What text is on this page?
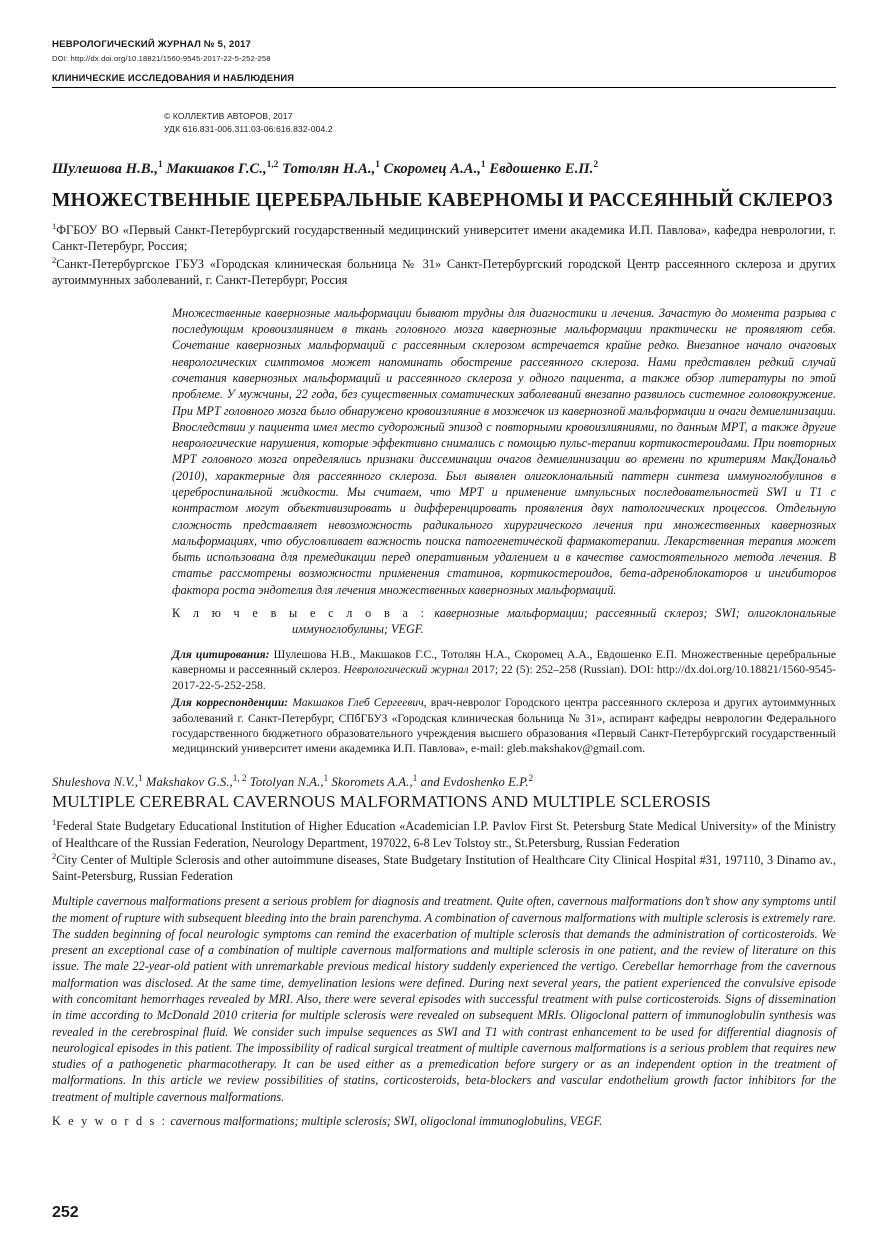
НЕВРОЛОГИЧЕСКИЙ ЖУРНАЛ № 5, 2017
DOI: http://dx.doi.org/10.18821/1560-9545-2017-22-5-252-258
КЛИНИЧЕСКИЕ ИССЛЕДОВАНИЯ И НАБЛЮДЕНИЯ
© КОЛЛЕКТИВ АВТОРОВ, 2017
УДК 616.831-006.311.03-06:616.832-004.2
Шулешова Н.В.,$^1$ Макшаков Г.С.,$^{1,2}$ Тотолян Н.А.,$^1$ Скоромец А.А.,$^1$ Евдошенко Е.П.$^2$
МНОЖЕСТВЕННЫЕ ЦЕРЕБРАЛЬНЫЕ КАВЕРНОМЫ И РАССЕЯННЫЙ СКЛЕРОЗ

$^1$ФГБОУ ВО «Первый Санкт-Петербургский государственный медицинский университет имени академика И.П. Павлова», кафедра неврологии, г. Санкт-Петербург, Россия;

$^2$Санкт-Петербургское ГБУЗ «Городская клиническая больница № 31» Санкт-Петербургский городской Центр рассеянного склероза и других аутоиммунных заболеваний, г. Санкт-Петербург, Россия

Множественные кавернозные мальформации бывают трудны для диагностики и лечения. Зачастую до момента разрыва с последующим кровоизлиянием в ткань головного мозга кавернозные мальформации практически не проявляют себя. Сочетание кавернозных мальформаций с рассеянным склерозом встречается крайне редко. Внезапное начало очаговых неврологических симптомов может напоминать обострение рассеянного склероза. Нами представлен редкий случай сочетания кавернозных мальформаций и рассеянного склероза у одного пациента, а также обзор литературы по этой проблеме. У мужчины, 22 года, без существенных соматических заболеваний внезапно развилось системное головокружение. При МРТ головного мозга было обнаружено кровоизлияние в мозжечок из кавернозной мальформации и очаги демиелинизации. Впоследствии у пациента имел место судорожный эпизод с повторными кровоизлияниями, по данным МРТ, а также другие неврологические нарушения, которые эффективно снимались с помощью пульс-терапии кортикостероидами. При повторных МРТ головного мозга определялись признаки диссеминации очагов демиелинизации во времени по критериям МакДональд (2010), характерные для рассеянного склероза. Был выявлен олигоклональный паттерн синтеза иммуноглобулинов в цереброспинальной жидкости. Мы считаем, что МРТ и применение импульсных последовательностей SWI и Т1 с контрастом могут объективизировать и дифференцировать проявления двух патологических процессов. Отдельную сложность представляет невозможность радикального хирургического лечения при множественных кавернозных мальформациях, что обусловливает важность поиска патогенетической фармакотерапии. Лекарственная терапия может быть использована для премедикации перед оперативным удалением и в качестве самостоятельного метода лечения. В статье рассмотрены возможности применения статинов, кортикостероидов, бета-адреноблокаторов и ингибиторов фактора роста эндотелия для лечения множественных кавернозных мальформаций.
К л ю ч е в ы е с л о в а : кавернозные мальформации; рассеянный склероз; SWI; олигоклональные иммуноглобулины; VEGF.

Для цитирования: Шулешова Н.В., Макшаков Г.С., Тотолян Н.А., Скоромец А.А., Евдошенко Е.П. Множественные церебральные каверномы и рассеянный склероз. Неврологический журнал 2017; 22 (5): 252–258 (Russian). DOI: http://dx.doi.org/10.18821/1560-9545-2017-22-5-252-258.

Для корреспонденции: Макшаков Глеб Сергеевич, врач-невролог Городского центра рассеянного склероза и других аутоиммунных заболеваний г. Санкт-Петербург, СПбГБУЗ «Городская клиническая больница № 31», аспирант кафедры неврологии Федерального государственного бюджетного образовательного учреждения высшего образования «Первый Санкт-Петербургский государственный медицинский университет имени академика И.П. Павлова», e-mail: gleb.makshakov@gmail.com.

Shuleshova N.V.,$^1$ Makshakov G.S.,$^{1, 2}$ Totolyan N.A.,$^1$ Skoromets A.A.,$^1$ and Evdoshenko E.P.$^2$
MULTIPLE CEREBRAL CAVERNOUS MALFORMATIONS AND MULTIPLE SCLEROSIS

$^1$Federal State Budgetary Educational Institution of Higher Education «Academician I.P. Pavlov First St. Petersburg State Medical University» of the Ministry of Healthcare of the Russian Federation, Neurology Department, 197022, 6-8 Lev Tolstoy str., St.Petersburg, Russian Federation

$^2$City Center of Multiple Sclerosis and other autoimmune diseases, State Budgetary Institution of Healthcare City Clinical Hospital #31, 197110, 3 Dinamo av., Saint-Petersburg, Russian Federation

Multiple cavernous malformations present a serious problem for diagnosis and treatment. Quite often, cavernous malformations don’t show any symptoms until the moment of rupture with subsequent bleeding into the brain parenchyma. A combination of cavernous malformations with multiple sclerosis is extremely rare. The sudden beginning of focal neurologic symptoms can remind the exacerbation of multiple sclerosis that demands the administration of corticosteroids. We present an exceptional case of a combination of multiple cavernous malformations and multiple sclerosis in one patient, and the review of literature on this issue. The male 22-year-old patient with unremarkable previous medical history suddenly experienced the vertigo. Cerebellar hemorrhage from the cavernous malformation was disclosed. At the same time, demyelination lesions were defined. During next several years, the patient experienced the convulsive episode with concomitant hemorrhages revealed by MRI. Also, there were several episodes with successful treatment with pulse corticosteroids. Signs of dissemination in time according to McDonald 2010 criteria for multiple sclerosis were revealed on subsequent MRIs. Oligoclonal pattern of immunoglobulin synthesis was revealed in the cerebrospinal fluid. We consider such impulse sequences as SWI and T1 with contrast enhancement to be used for differential diagnosis of neurological episodes in this patient. The impossibility of radical surgical treatment of multiple cavernous malformations is a serious problem that requires new studies of a pathogenetic pharmacotherapy. It can be used either as a premedication before surgery or as an independent option in the treatment of malformations. In this article we review possibilities of statins, corticosteroids, beta-blockers and vascular endothelium growth factor inhibitors for the treatment of multiple cavernous malformations.
K e y w o r d s : cavernous malformations; multiple sclerosis; SWI, oligoclonal immunoglobulins, VEGF.
252
